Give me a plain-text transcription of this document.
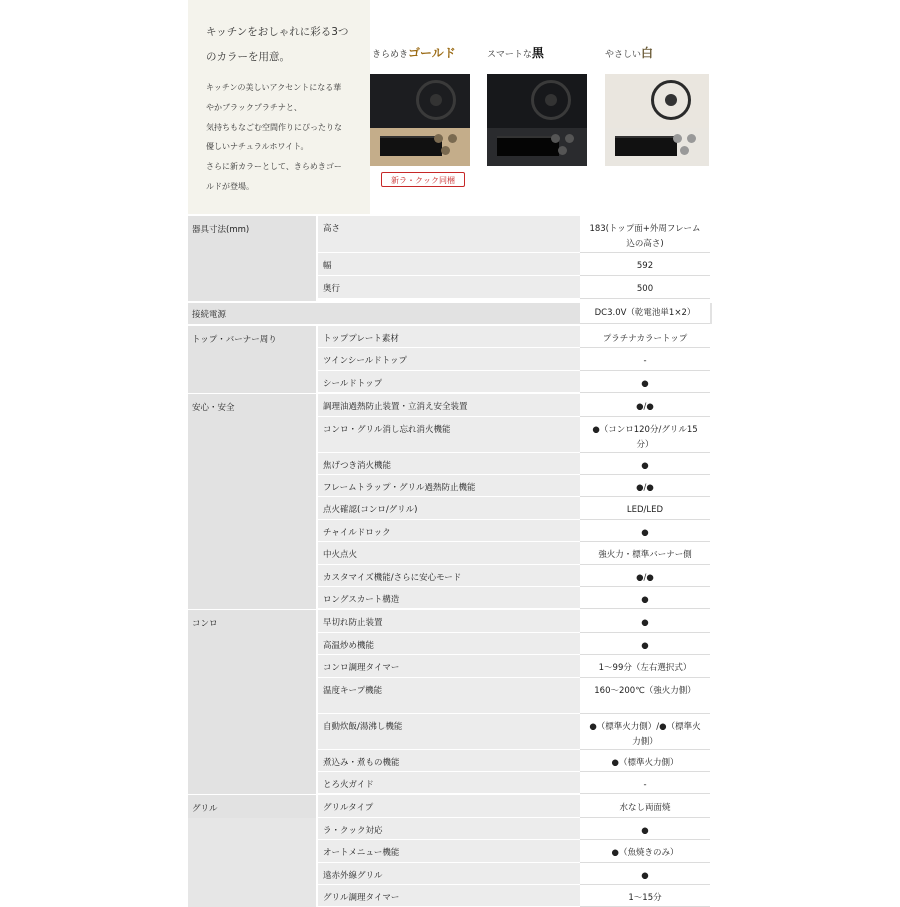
キッチンをおしゃれに彩る3つ
のカラーを用意。
キッチンの美しいアクセントになる華
やかブラックプラチナと、
気持ちもなごむ空間作りにぴったりな
優しいナチュラルホワイト。
さらに新カラーとして、きらめきゴー
ルドが登場。
きらめきゴールド	スマートな黒	やさしい白
新ラ・クック同梱
器具寸法(mm)	高さ	183(トップ面+外周フレーム込の高さ)
幅	592
奥行	500
接続電源	DC3.0V（乾電池単1×2）
トップ・バーナー周り	トッププレート素材	プラチナカラートップ
ツインシールドトップ	-
シールドトップ	●
安心・安全	調理油過熱防止装置・立消え安全装置	●/●
コンロ・グリル消し忘れ消火機能	●（コンロ120分/グリル15分）
焦げつき消火機能	●
フレームトラップ・グリル過熱防止機能	●/●
点火確認(コンロ/グリル)	LED/LED
チャイルドロック	●
中火点火	強火力・標準バーナー側
カスタマイズ機能/さらに安心モード	●/●
ロングスカート構造	●
コンロ	早切れ防止装置	●
高温炒め機能	●
コンロ調理タイマー	1〜99分（左右選択式）
温度キープ機能	160〜200℃（強火力側）
自動炊飯/湯沸し機能	●（標準火力側）/●（標準火力側）
煮込み・煮もの機能	●（標準火力側）
とろ火ガイド	-
グリル	グリルタイプ	水なし両面焼
ラ・クック対応	●
オートメニュー機能	●（魚焼きのみ）
遠赤外線グリル	●
グリル調理タイマー	1〜15分
